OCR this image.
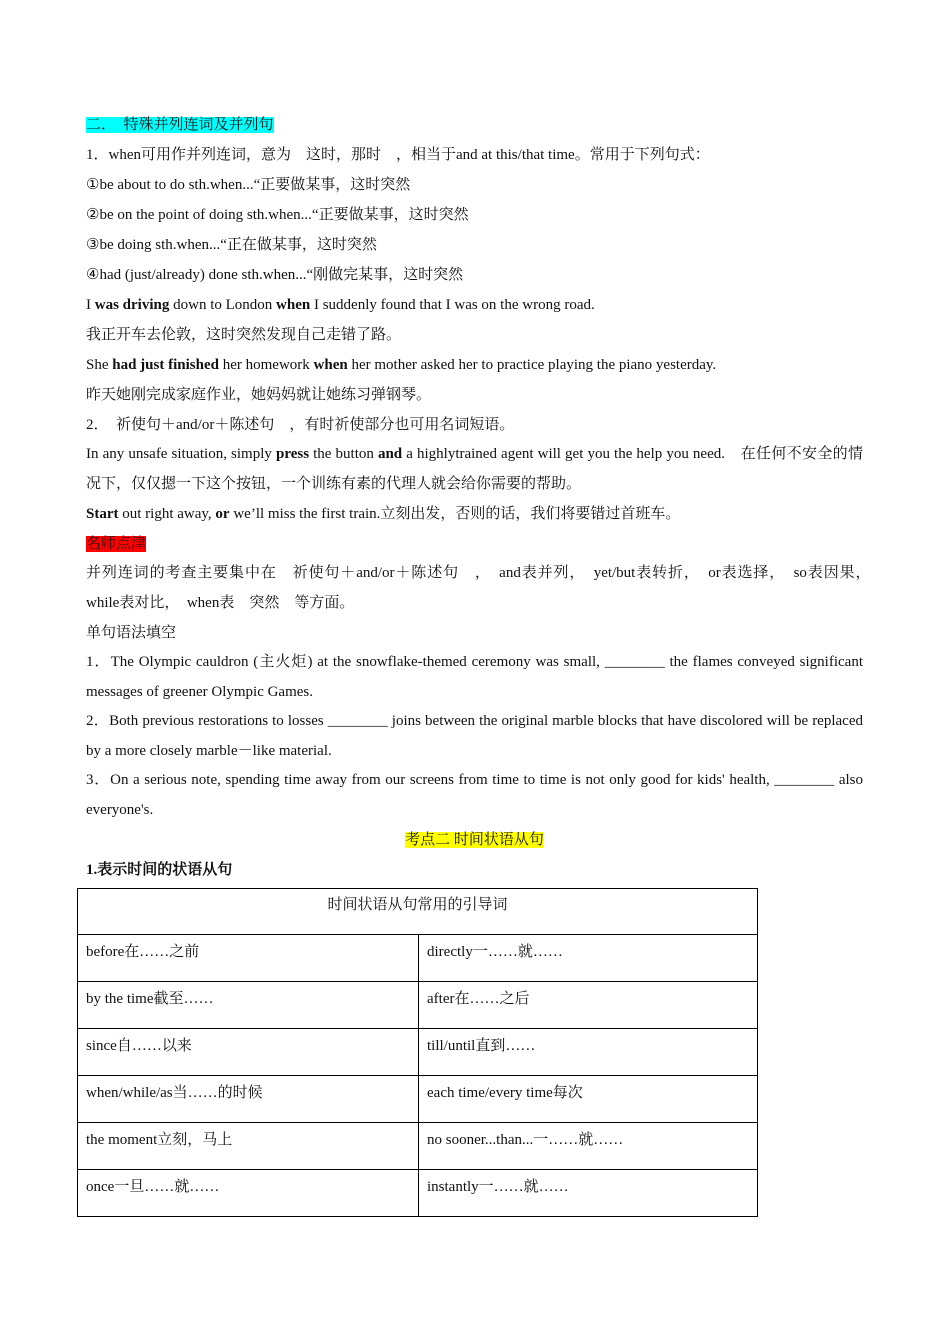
二．　特殊并列连词及并列句
1．when可用作并列连词，意为　这时，那时　，相当于and at this/that time。常用于下列句式：
①be about to do sth.when...“正要做某事，这时突然
②be on the point of doing sth.when...“正要做某事，这时突然
③be doing sth.when...“正在做某事，这时突然
④had (just/already) done sth.when...“刚做完某事，这时突然
I was driving down to London when I suddenly found that I was on the wrong road.
我正开车去伦敦，这时突然发现自己走错了路。
She had just finished her homework when her mother asked her to practice playing the piano yesterday.
昨天她刚完成家庭作业，她妈妈就让她练习弹钢琴。
2．　祈使句＋and/or＋陈述句　，有时祈使部分也可用名词短语。
In any unsafe situation, simply press the button and a highlytrained agent will get you the help you need.　在任何不安全的情况下，仅仅摁一下这个按钮，一个训练有素的代理人就会给你需要的帮助。
Start out right away, or we’ll miss the first train.立刻出发，否则的话，我们将要错过首班车。
名师点津
并列连词的考查主要集中在　祈使句＋and/or＋陈述句　，　and表并列，　yet/but表转折，　or表选择，　so表因果，　while表对比，　when表　突然　等方面。
单句语法填空
1．The Olympic cauldron (主火炬) at the snowflake-themed ceremony was small, ________ the flames conveyed significant messages of greener Olympic Games.
2．Both previous restorations to losses ________ joins between the original marble blocks that have discolored will be replaced by a more closely marble－like material.
3．On a serious note, spending time away from our screens from time to time is not only good for kids' health, ________ also everyone's.
考点二 时间状语从句
1.表示时间的状语从句
时间状语从句常用的引导词	
before在……之前	directly一……就……
by the time截至……	after在……之后
since自……以来	till/until直到……
when/while/as当……的时候	each time/every time每次
the moment立刻，马上	no sooner...than...一……就……
once一旦……就……	instantly一……就……
